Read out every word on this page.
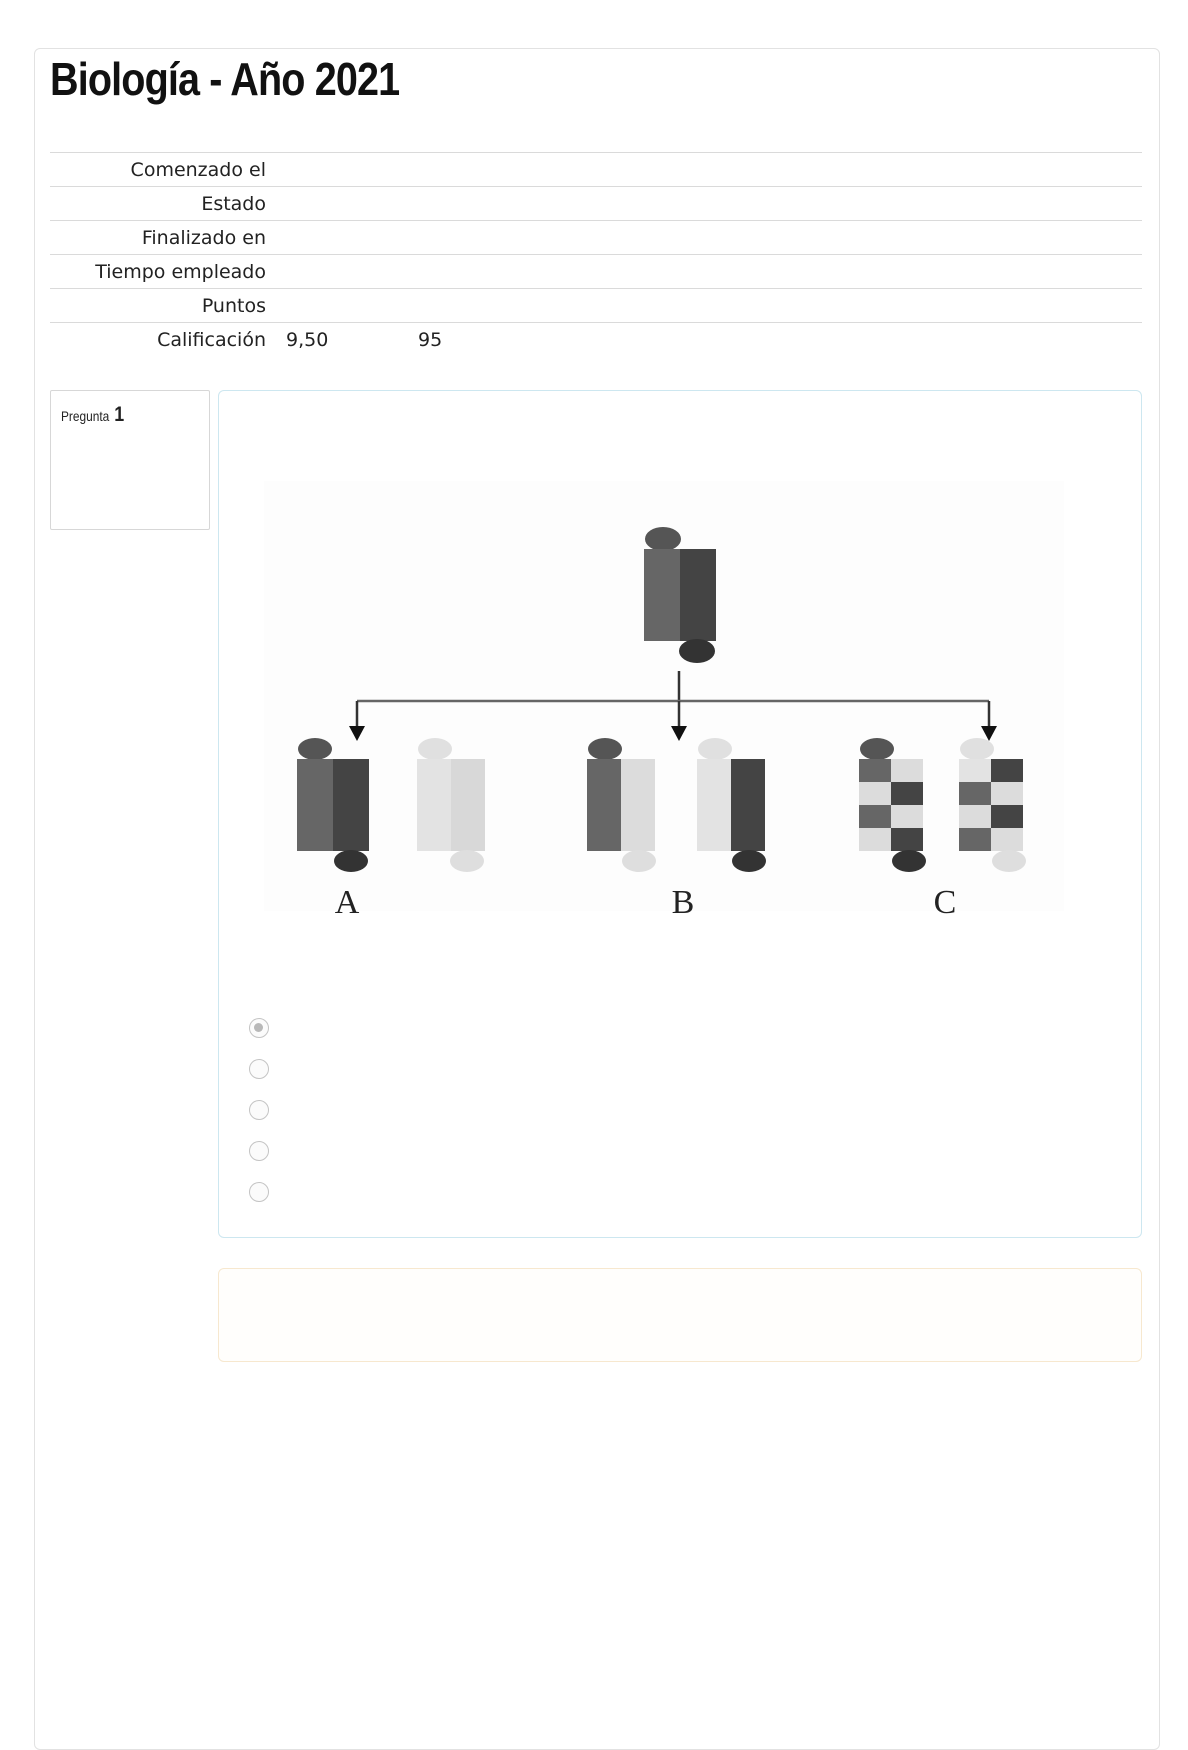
Biología - Año 2021
Comenzado el	
Estado	
Finalizado en	
Tiempo empleado	
Puntos	
Calificación	9,50 95
Pregunta 1
A	B	C
